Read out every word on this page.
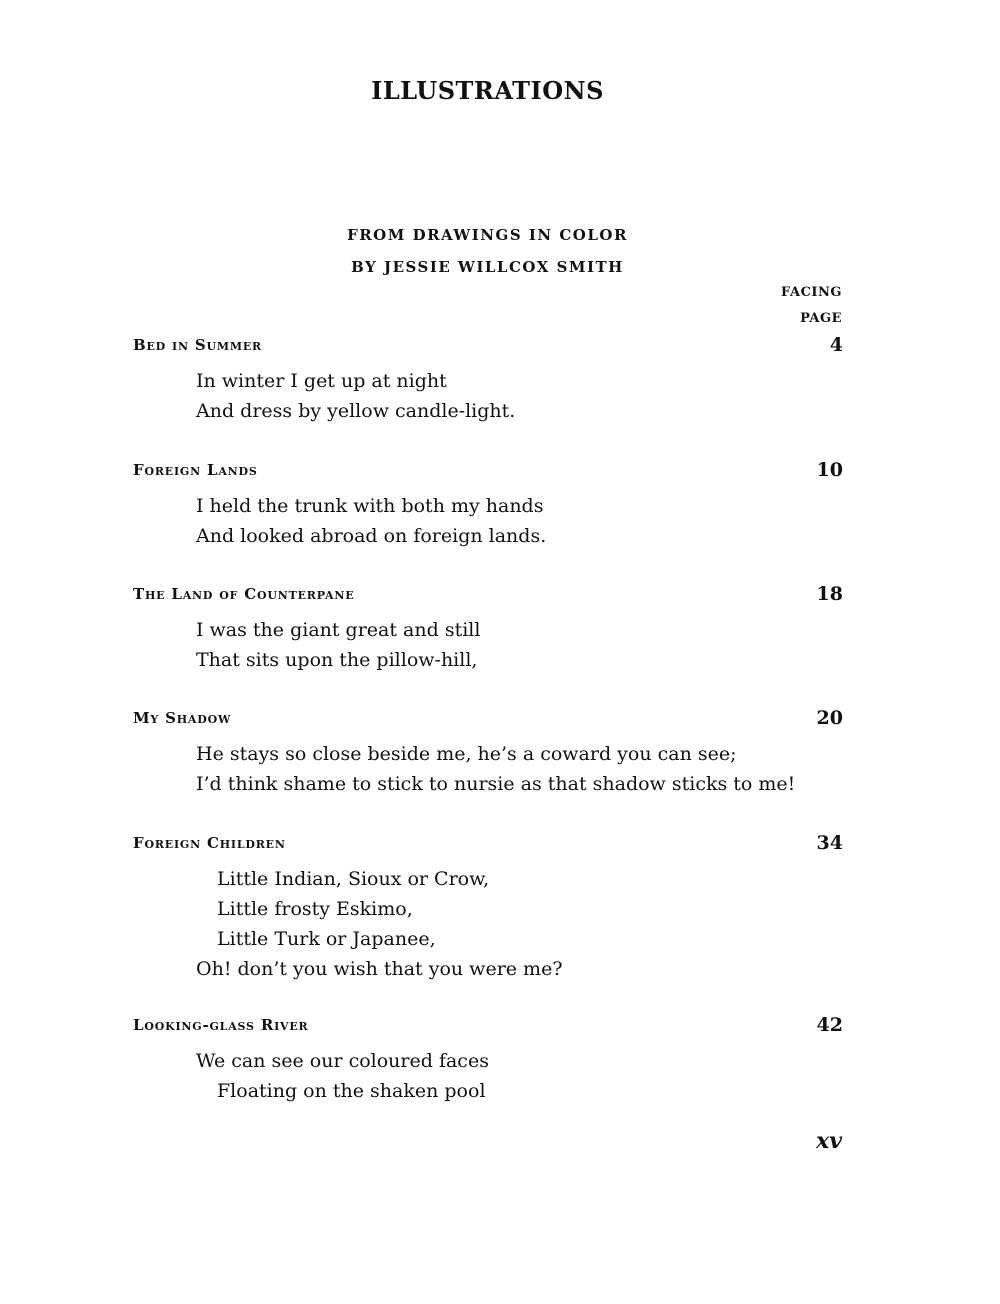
ILLUSTRATIONS
FROM DRAWINGS IN COLOR
BY JESSIE WILLCOX SMITH
FACING
PAGE
Bed in Summer	4
In winter I get up at night
And dress by yellow candle-light.
Foreign Lands	10
I held the trunk with both my hands
And looked abroad on foreign lands.
The Land of Counterpane	18
I was the giant great and still
That sits upon the pillow-hill,
My Shadow	20
He stays so close beside me, he’s a coward you can see;
I’d think shame to stick to nursie as that shadow sticks to me!
Foreign Children	34
Little Indian, Sioux or Crow,
Little frosty Eskimo,
Little Turk or Japanee,
Oh! don’t you wish that you were me?
Looking-glass River	42
We can see our coloured faces
Floating on the shaken pool
xv
